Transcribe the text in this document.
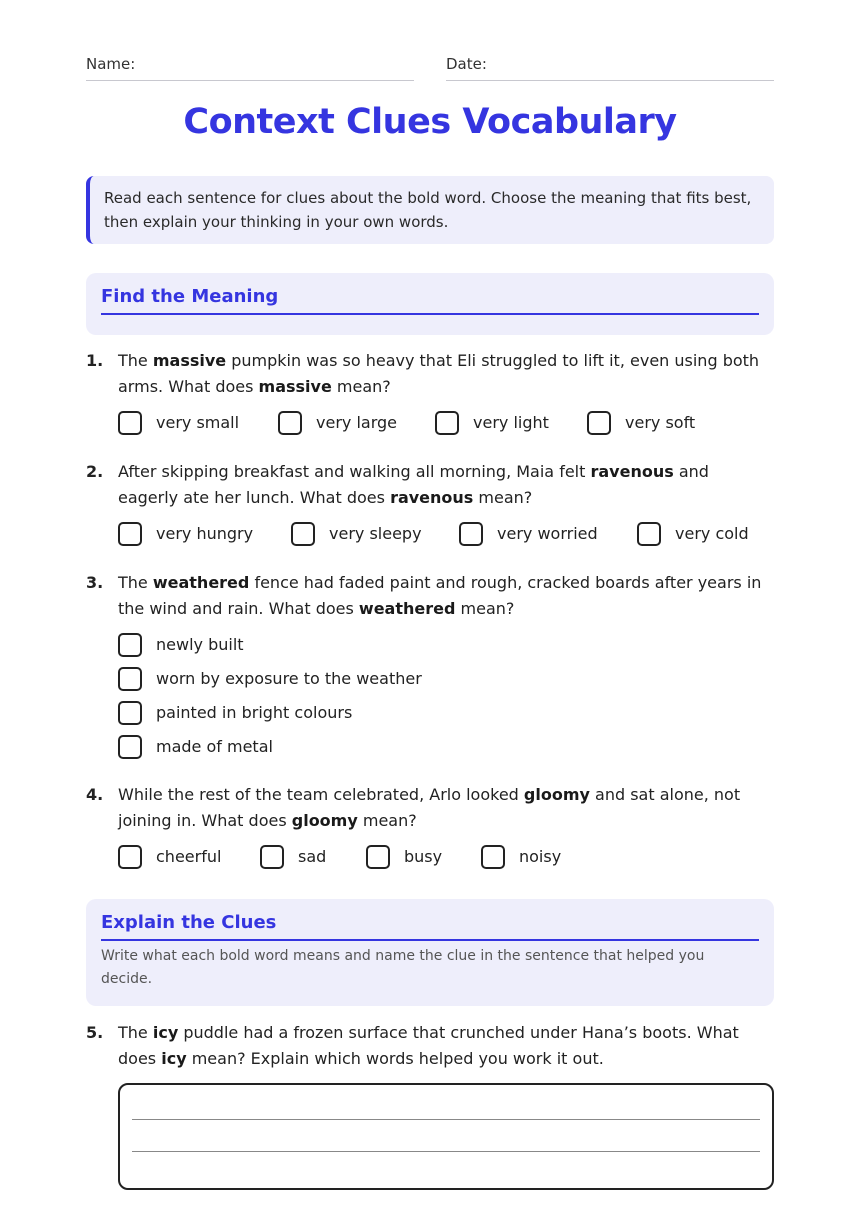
Name:	Date:
Context Clues Vocabulary
Read each sentence for clues about the bold word. Choose the meaning that fits best, then explain your thinking in your own words.
Find the Meaning
1. The massive pumpkin was so heavy that Eli struggled to lift it, even using both arms. What does massive mean?
very small	very large	very light	very soft
2. After skipping breakfast and walking all morning, Maia felt ravenous and eagerly ate her lunch. What does ravenous mean?
very hungry	very sleepy	very worried	very cold
3. The weathered fence had faded paint and rough, cracked boards after years in the wind and rain. What does weathered mean?
newly built
worn by exposure to the weather
painted in bright colours
made of metal
4. While the rest of the team celebrated, Arlo looked gloomy and sat alone, not joining in. What does gloomy mean?
cheerful	sad	busy	noisy
Explain the Clues
Write what each bold word means and name the clue in the sentence that helped you decide.
5. The icy puddle had a frozen surface that crunched under Hana’s boots. What does icy mean? Explain which words helped you work it out.
